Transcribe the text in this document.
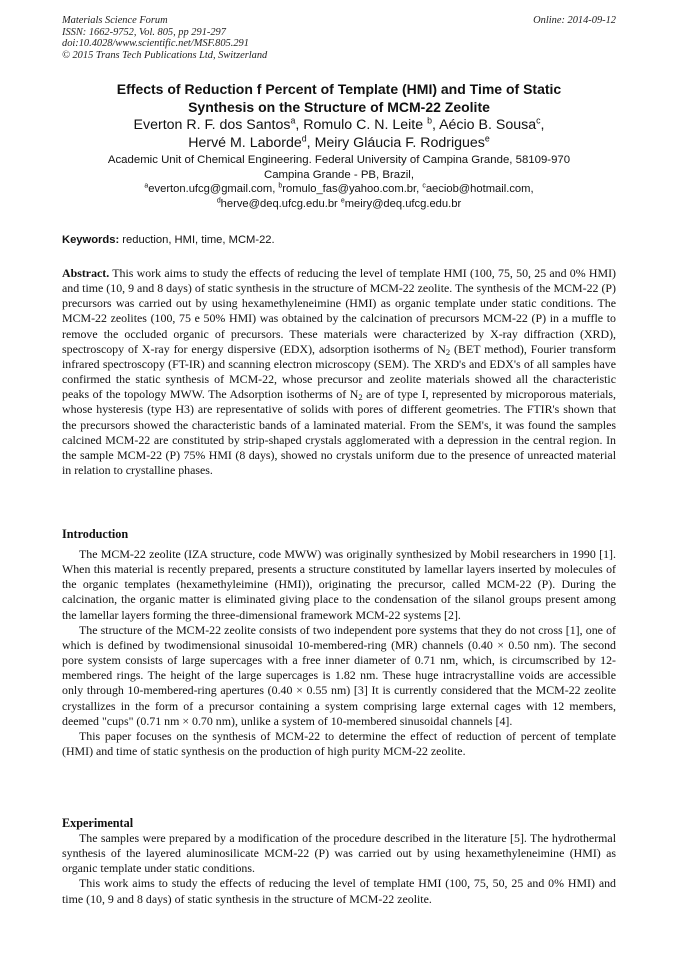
Materials Science Forum
ISSN: 1662-9752, Vol. 805, pp 291-297
doi:10.4028/www.scientific.net/MSF.805.291
© 2015 Trans Tech Publications Ltd, Switzerland
Online: 2014-09-12
Effects of Reduction f Percent of Template (HMI) and Time of Static
Synthesis on the Structure of MCM-22 Zeolite
Everton R. F. dos Santos$^a$, Romulo C. N. Leite $^b$, Aécio B. Sousa$^c$,
Hervé M. Laborde$^d$, Meiry Gláucia F. Rodrigues$^e$
Academic Unit of Chemical Engineering. Federal University of Campina Grande, 58109-970
Campina Grande - PB, Brazil,
$^a$everton.ufcg@gmail.com, $^b$romulo_fas@yahoo.com.br, $^c$aeciob@hotmail.com,
$^d$herve@deq.ufcg.edu.br $^e$meiry@deq.ufcg.edu.br
Keywords: reduction, HMI, time, MCM-22.

Abstract. This work aims to study the effects of reducing the level of template HMI (100, 75, 50, 25 and 0% HMI) and time (10, 9 and 8 days) of static synthesis in the structure of MCM-22 zeolite. The synthesis of the MCM-22 (P) precursors was carried out by using hexamethyleneimine (HMI) as organic template under static conditions. The MCM-22 zeolites (100, 75 e 50% HMI) was obtained by the calcination of precursors MCM-22 (P) in a muffle to remove the occluded organic of precursors. These materials were characterized by X-ray diffraction (XRD), spectroscopy of X-ray for energy dispersive (EDX), adsorption isotherms of $N_2$ (BET method), Fourier transform infrared spectroscopy (FT-IR) and scanning electron microscopy (SEM). The XRD's and EDX's of all samples have confirmed the static synthesis of MCM-22, whose precursor and zeolite materials showed all the characteristic peaks of the topology MWW. The Adsorption isotherms of $N_2$ are of type I, represented by microporous materials, whose hysteresis (type H3) are representative of solids with pores of different geometries. The FTIR's shown that the precursors showed the characteristic bands of a laminated material. From the SEM's, it was found the samples calcined MCM-22 are constituted by strip-shaped crystals agglomerated with a depression in the central region. In the sample MCM-22 (P) 75% HMI (8 days), showed no crystals uniform due to the presence of unreacted material in relation to crystalline phases.

Introduction

The MCM-22 zeolite (IZA structure, code MWW) was originally synthesized by Mobil researchers in 1990 [1]. When this material is recently prepared, presents a structure constituted by lamellar layers inserted by molecules of the organic templates (hexamethyleimine (HMI)), originating the precursor, called MCM-22 (P). During the calcination, the organic matter is eliminated giving place to the condensation of the silanol groups present among the lamellar layers forming the three-dimensional framework MCM-22 systems [2].

The structure of the MCM-22 zeolite consists of two independent pore systems that they do not cross [1], one of which is defined by twodimensional sinusoidal 10-membered-ring (MR) channels (0.40 × 0.50 nm). The second pore system consists of large supercages with a free inner diameter of 0.71 nm, which, is circumscribed by 12-membered rings. The height of the large supercages is 1.82 nm. These huge intracrystalline voids are accessible only through 10-membered-ring apertures (0.40 × 0.55 nm) [3] It is currently considered that the MCM-22 zeolite crystallizes in the form of a precursor containing a system comprising large external cages with 12 members, deemed "cups" (0.71 nm × 0.70 nm), unlike a system of 10-membered sinusoidal channels [4].

This paper focuses on the synthesis of MCM-22 to determine the effect of reduction of percent of template (HMI) and time of static synthesis on the production of high purity MCM-22 zeolite.

Experimental

The samples were prepared by a modification of the procedure described in the literature [5]. The hydrothermal synthesis of the layered aluminosilicate MCM-22 (P) was carried out by using hexamethyleneimine (HMI) as organic template under static conditions.

This work aims to study the effects of reducing the level of template HMI (100, 75, 50, 25 and 0% HMI) and time (10, 9 and 8 days) of static synthesis in the structure of MCM-22 zeolite.
